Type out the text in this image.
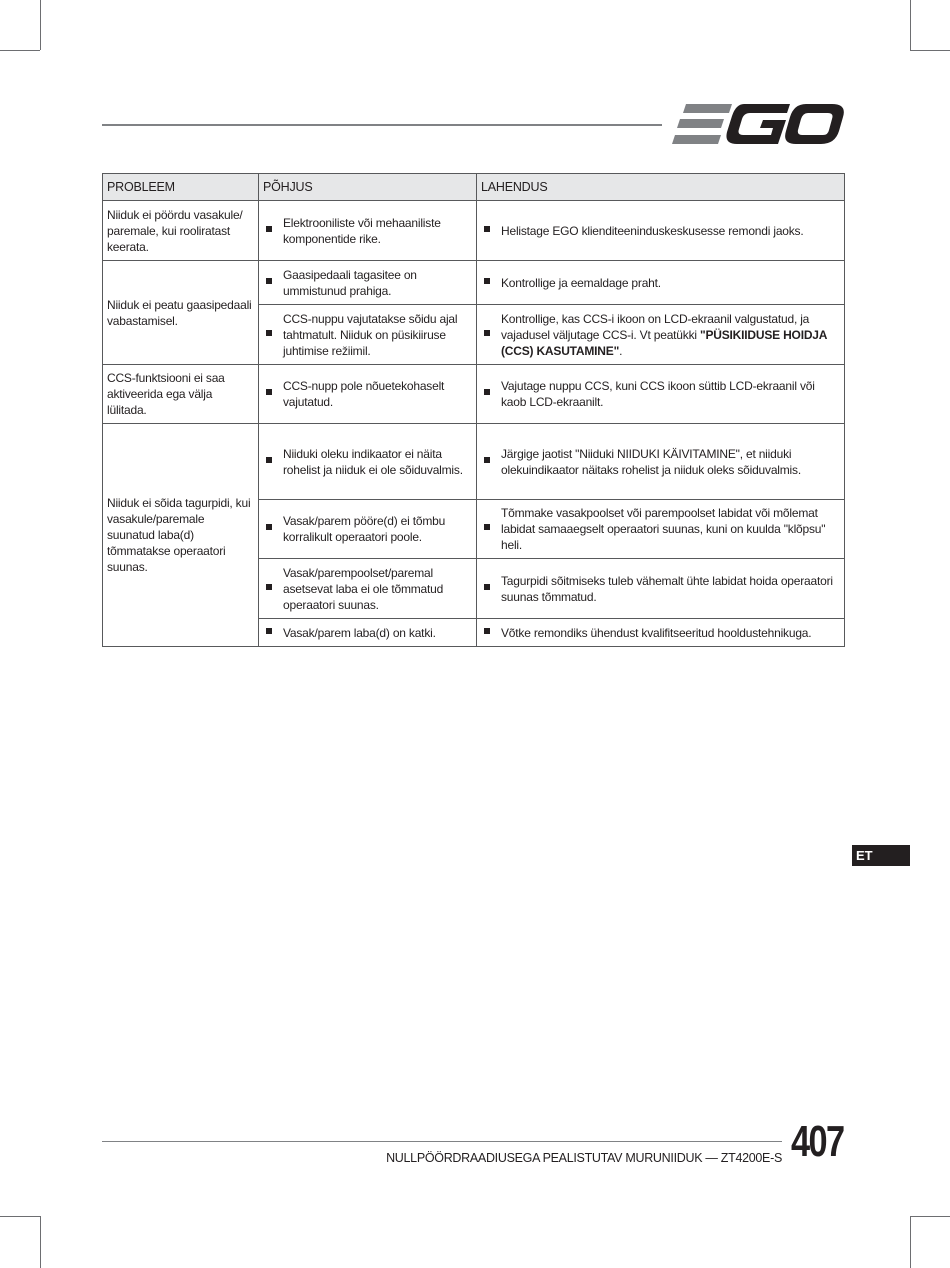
PROBLEEM	PÕHJUS	LAHENDUS
Niiduk ei pöördu vasakule/ paremale, kui rooliratast keerata.	Elektrooniliste või mehaaniliste komponentide rike.	Helistage EGO klienditeeninduskeskusesse remondi jaoks.
Niiduk ei peatu gaasipedaali vabastamisel.	Gaasipedaali tagasitee on ummistunud prahiga.	Kontrollige ja eemaldage praht.
	CCS-nuppu vajutatakse sõidu ajal tahtmatult. Niiduk on püsikiiruse juhtimise režiimil.	Kontrollige, kas CCS-i ikoon on LCD-ekraanil valgustatud, ja vajadusel väljutage CCS-i. Vt peatükki "PÜSIKIIDUSE HOIDJA (CCS) KASUTAMINE".
CCS-funktsiooni ei saa aktiveerida ega välja lülitada.	CCS-nupp pole nõuetekohaselt vajutatud.	Vajutage nuppu CCS, kuni CCS ikoon süttib LCD-ekraanil või kaob LCD-ekraanilt.
Niiduk ei sõida tagurpidi, kui vasakule/paremale suunatud laba(d) tõmmatakse operaatori suunas.	Niiduki oleku indikaator ei näita rohelist ja niiduk ei ole sõiduvalmis.	Järgige jaotist "Niiduki NIIDUKI KÄIVITAMINE", et niiduki olekuindikaator näitaks rohelist ja niiduk oleks sõiduvalmis.
	Vasak/parem pööre(d) ei tõmbu korralikult operaatori poole.	Tõmmake vasakpoolset või parempoolset labidat või mõlemat labidat samaaegselt operaatori suunas, kuni on kuulda "klõpsu" heli.
	Vasak/parempoolset/paremal asetsevat laba ei ole tõmmatud operaatori suunas.	Tagurpidi sõitmiseks tuleb vähemalt ühte labidat hoida operaatori suunas tõmmatud.
	Vasak/parem laba(d) on katki.	Võtke remondiks ühendust kvalifitseeritud hooldustehnikuga.
ET
NULLPÖÖRDRAADIUSEGA PEALISTUTAV MURUNIIDUK — ZT4200E-S 407
